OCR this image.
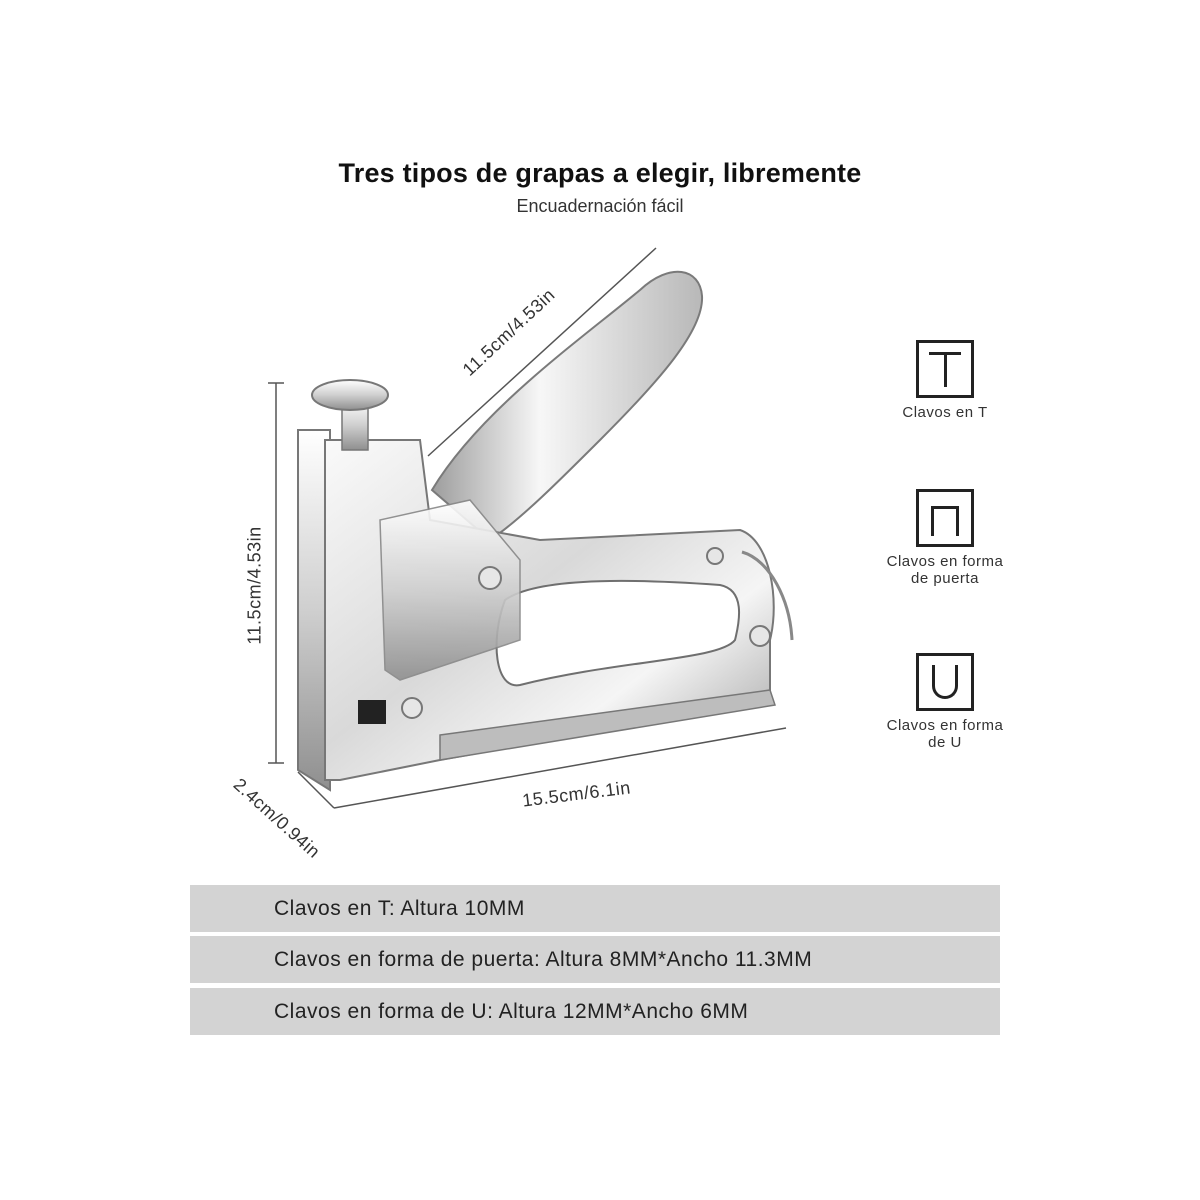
Tres tipos de grapas a elegir, libremente
Encuadernación fácil
11.5cm/4.53in
11.5cm/4.53in
15.5cm/6.1in
2.4cm/0.94in
Clavos en T
Clavos en forma
de puerta
Clavos en forma
de U
Clavos en T: Altura 10MM
Clavos en forma de puerta: Altura 8MM*Ancho 11.3MM
Clavos en forma de U: Altura 12MM*Ancho 6MM
